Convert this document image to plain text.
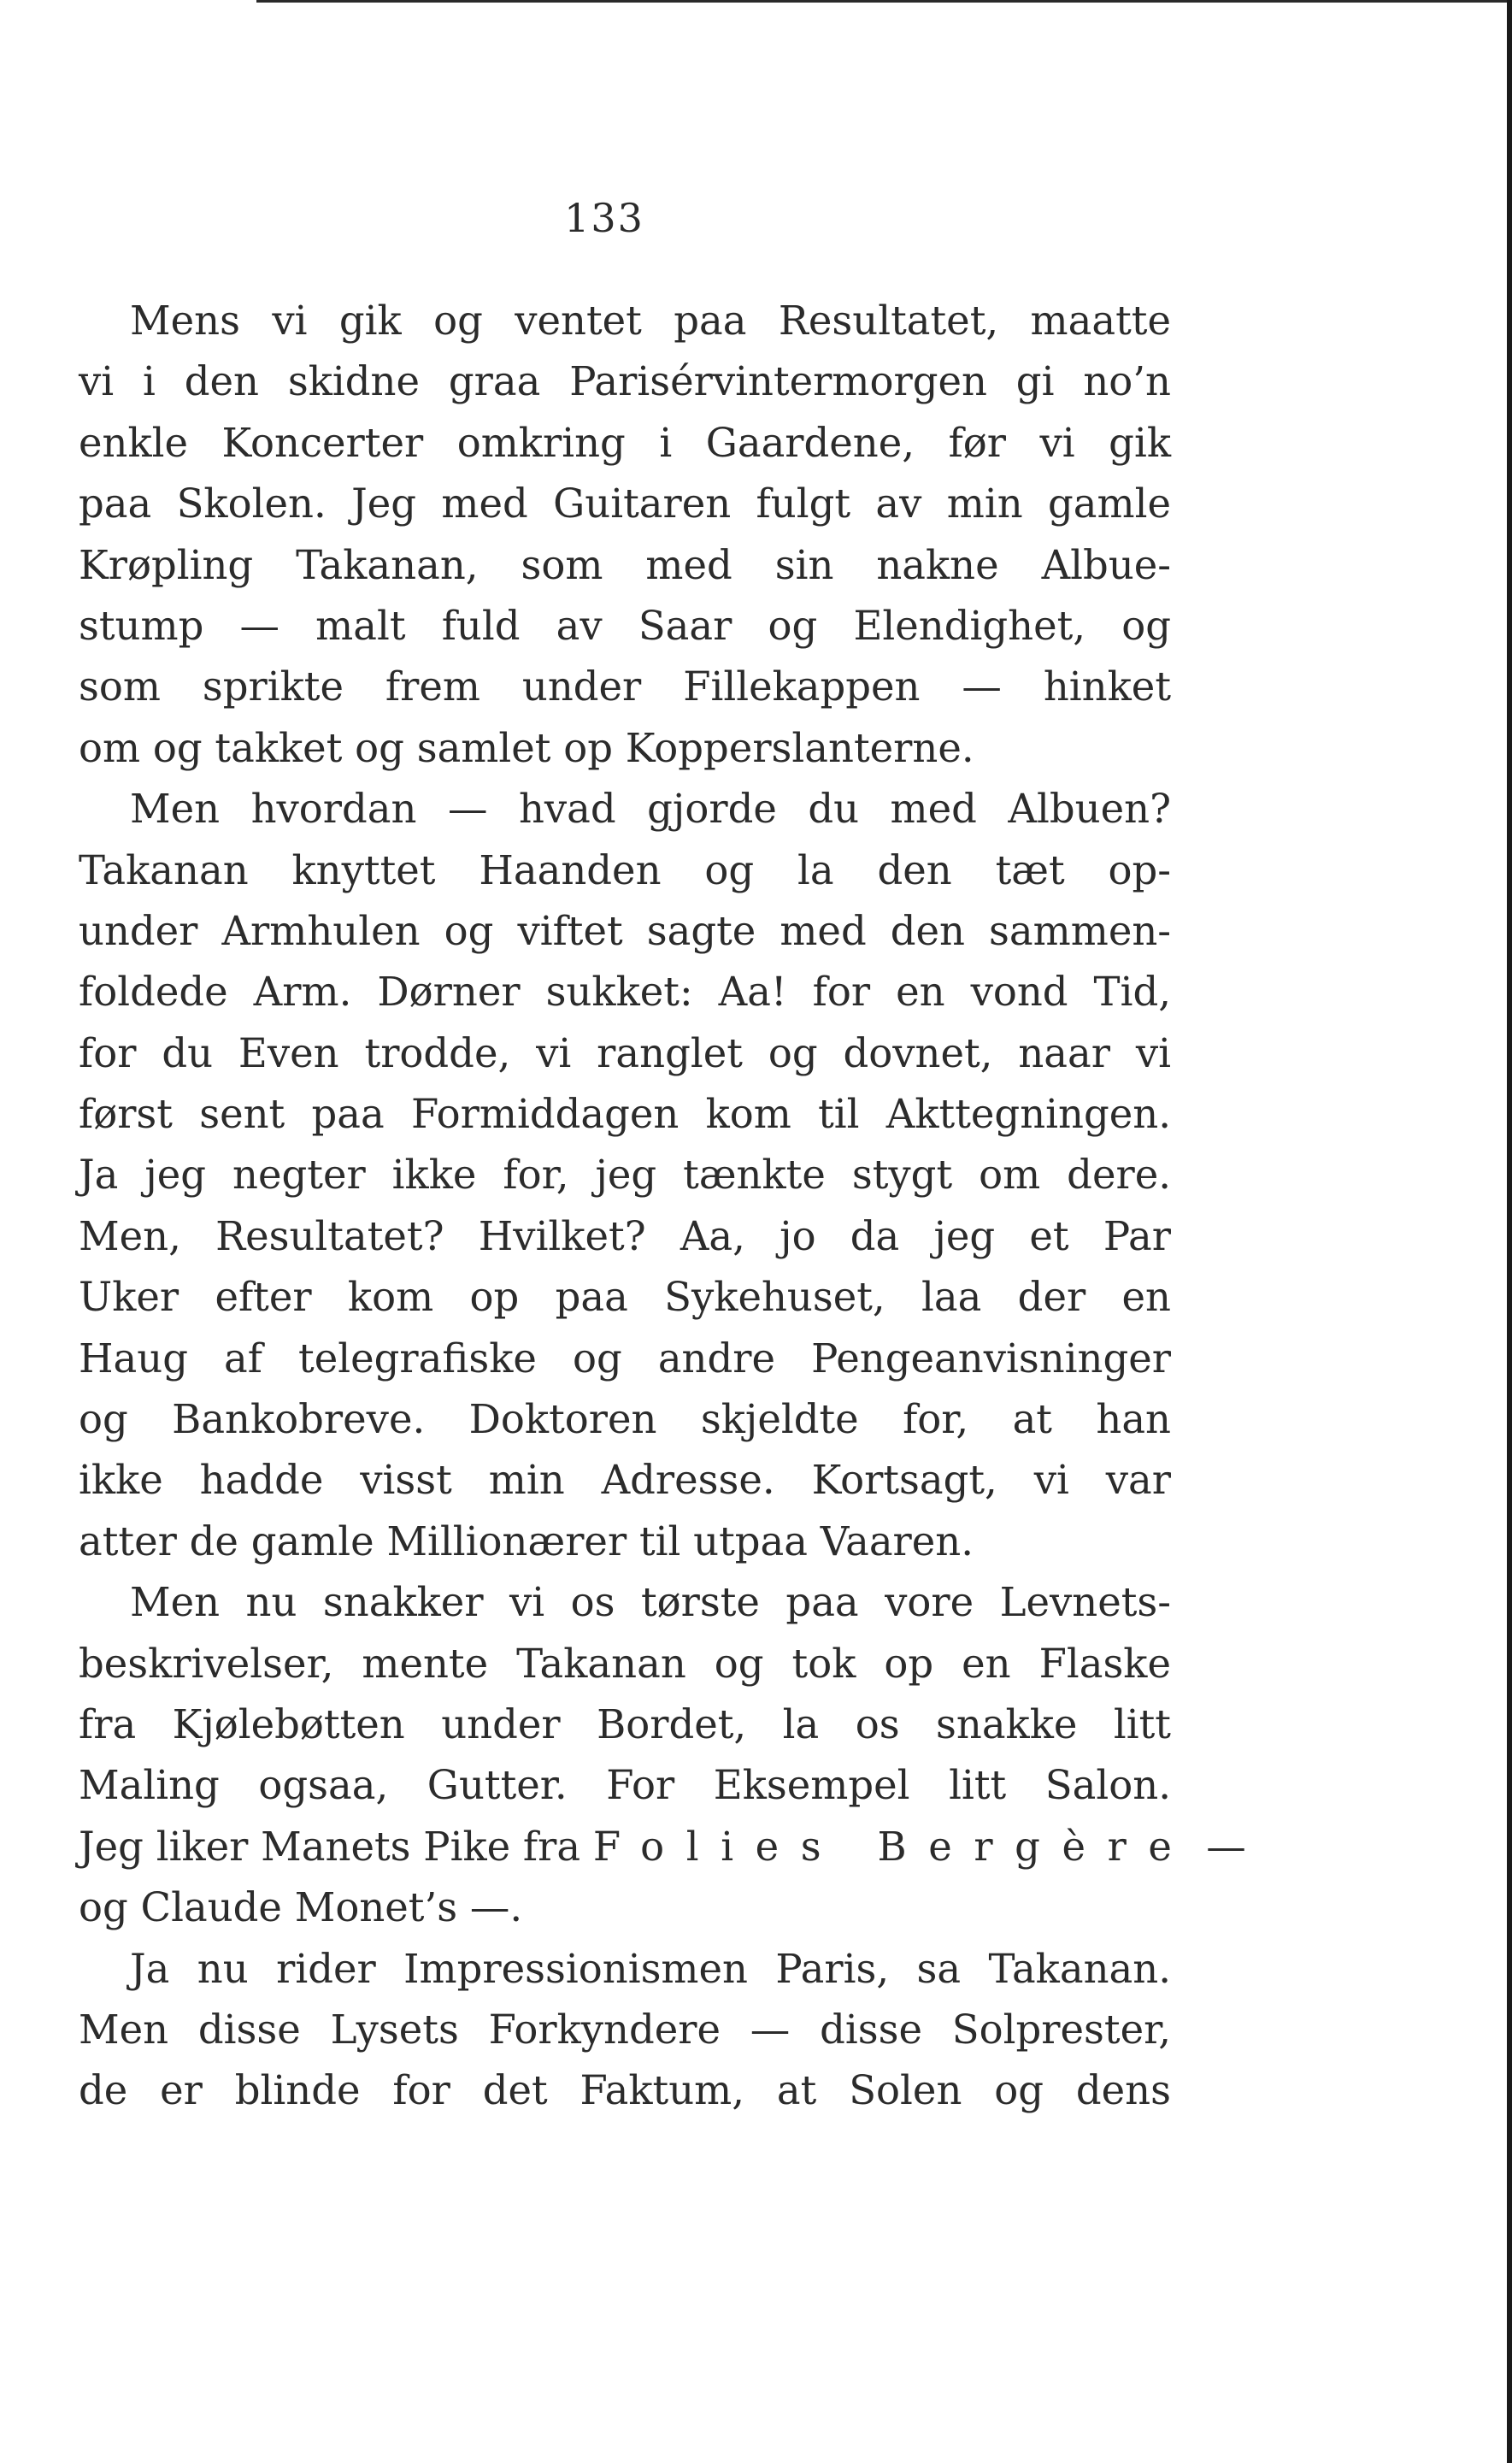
133
Mens vi gik og ventet paa Resultatet, maatte
vi i den skidne graa Parisérvintermorgen gi no’n
enkle Koncerter omkring i Gaardene, før vi gik
paa Skolen. Jeg med Guitaren fulgt av min gamle
Krøpling Takanan, som med sin nakne Albue-
stump — malt fuld av Saar og Elendighet, og
som sprikte frem under Fillekappen — hinket
om og takket og samlet op Kopperslanterne.
Men hvordan — hvad gjorde du med Albuen?
Takanan knyttet Haanden og la den tæt op-
under Armhulen og viftet sagte med den sammen-
foldede Arm. Dørner sukket: Aa! for en vond Tid,
for du Even trodde, vi ranglet og dovnet, naar vi
først sent paa Formiddagen kom til Akttegningen.
Ja jeg negter ikke for, jeg tænkte stygt om dere.
Men, Resultatet? Hvilket? Aa, jo da jeg et Par
Uker efter kom op paa Sykehuset, laa der en
Haug af telegrafiske og andre Pengeanvisninger
og Bankobreve. Doktoren skjeldte for, at han
ikke hadde visst min Adresse. Kortsagt, vi var
atter de gamle Millionærer til utpaa Vaaren.
Men nu snakker vi os tørste paa vore Levnets-
beskrivelser, mente Takanan og tok op en Flaske
fra Kjølebøtten under Bordet, la os snakke litt
Maling ogsaa, Gutter. For Eksempel litt Salon.
Jeg liker Manets Pike fra Folies Bergère —
og Claude Monet’s —.
Ja nu rider Impressionismen Paris, sa Takanan.
Men disse Lysets Forkyndere — disse Solprester,
de er blinde for det Faktum, at Solen og dens
